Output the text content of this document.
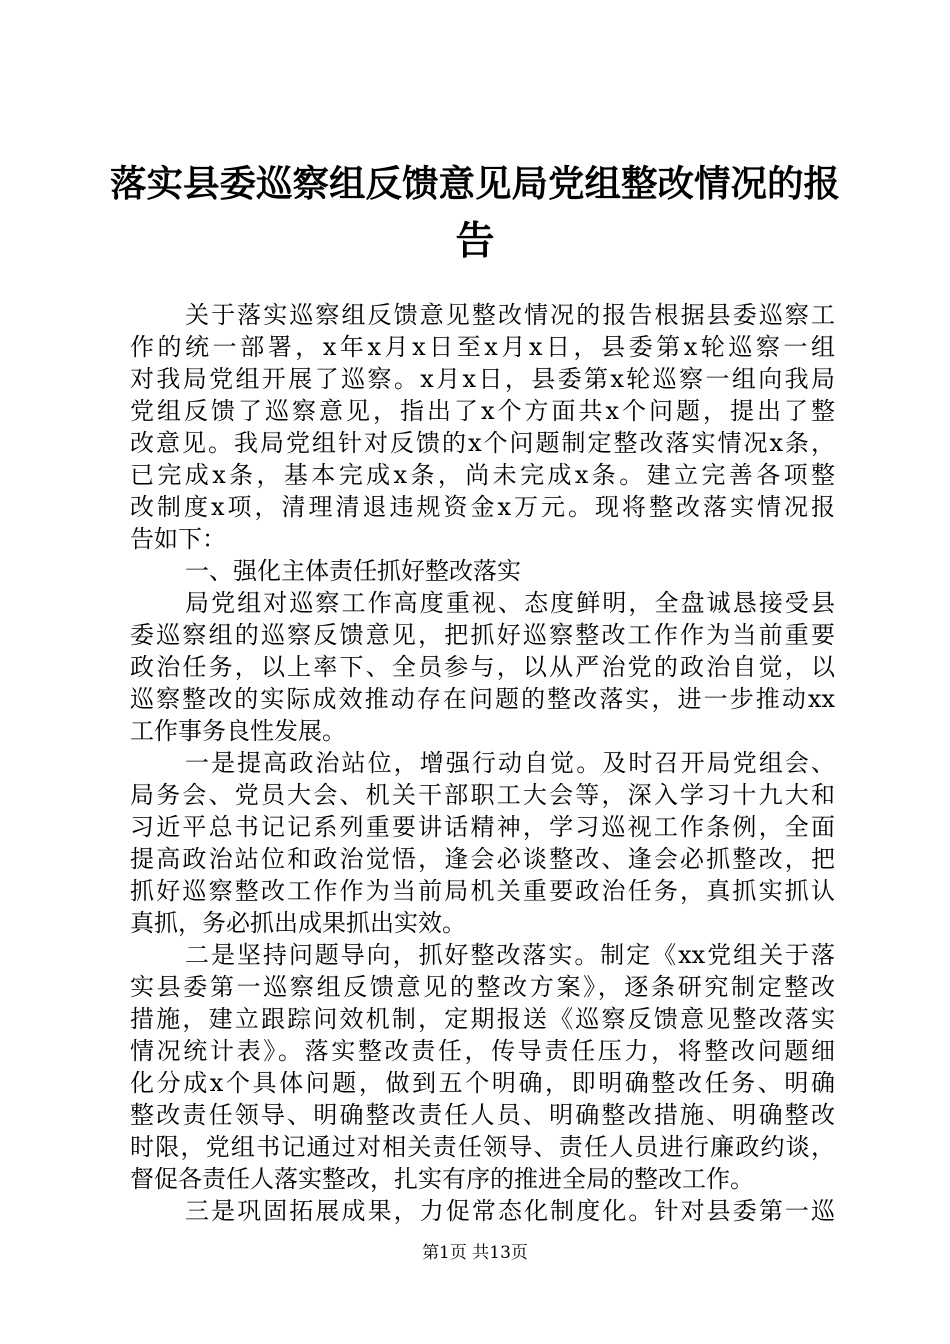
落实县委巡察组反馈意见局党组整改情况的报
告
关于落实巡察组反馈意见整改情况的报告根据县委巡察工
作的统一部署，x年x月x日至x月x日，县委第x轮巡察一组
对我局党组开展了巡察。x月x日，县委第x轮巡察一组向我局
党组反馈了巡察意见，指出了x个方面共x个问题，提出了整
改意见。我局党组针对反馈的x个问题制定整改落实情况x条，
已完成x条，基本完成x条，尚未完成x条。建立完善各项整
改制度x项，清理清退违规资金x万元。现将整改落实情况报
告如下：
一、强化主体责任抓好整改落实
局党组对巡察工作高度重视、态度鲜明，全盘诚恳接受县
委巡察组的巡察反馈意见，把抓好巡察整改工作作为当前重要
政治任务，以上率下、全员参与，以从严治党的政治自觉，以
巡察整改的实际成效推动存在问题的整改落实，进一步推动xx
工作事务良性发展。
一是提高政治站位，增强行动自觉。及时召开局党组会、
局务会、党员大会、机关干部职工大会等，深入学习十九大和
习近平总书记记系列重要讲话精神，学习巡视工作条例，全面
提高政治站位和政治觉悟，逢会必谈整改、逢会必抓整改，把
抓好巡察整改工作作为当前局机关重要政治任务，真抓实抓认
真抓，务必抓出成果抓出实效。
二是坚持问题导向，抓好整改落实。制定《xx党组关于落
实县委第一巡察组反馈意见的整改方案》，逐条研究制定整改
措施，建立跟踪问效机制，定期报送《巡察反馈意见整改落实
情况统计表》。落实整改责任，传导责任压力，将整改问题细
化分成x个具体问题，做到五个明确，即明确整改任务、明确
整改责任领导、明确整改责任人员、明确整改措施、明确整改
时限，党组书记通过对相关责任领导、责任人员进行廉政约谈，
督促各责任人落实整改，扎实有序的推进全局的整改工作。
三是巩固拓展成果，力促常态化制度化。针对县委第一巡
第1页 共13页
